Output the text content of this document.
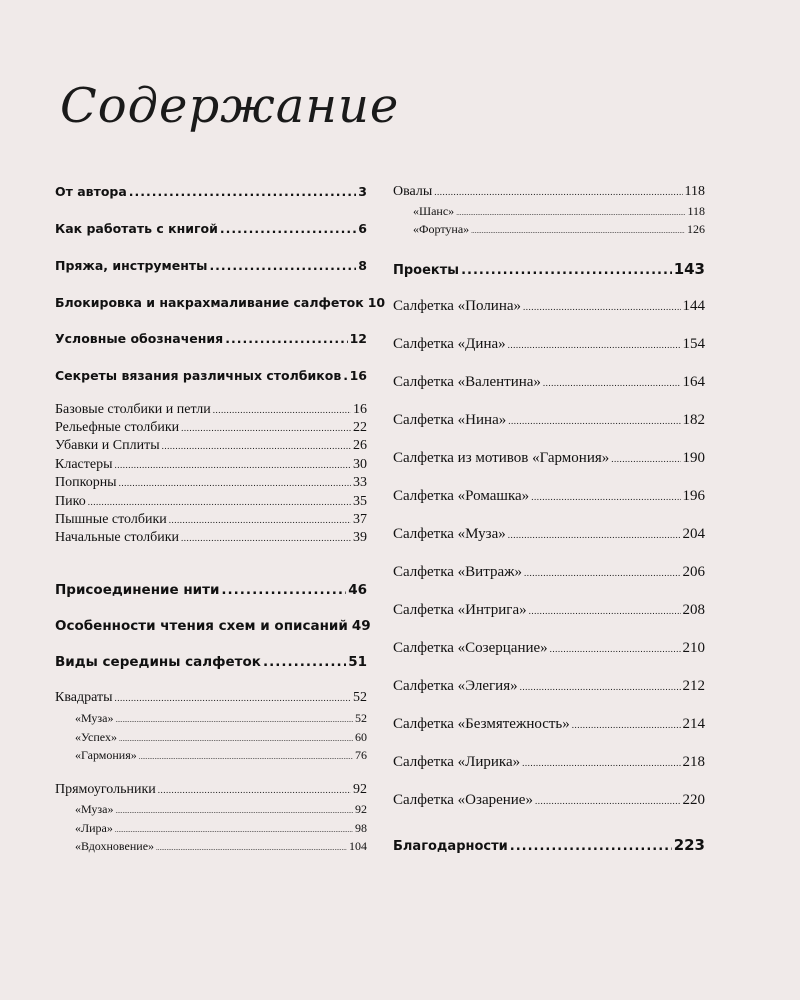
Содержание
От автора .....	3
Как работать с книгой .....	6
Пряжа, инструменты .....	8
Блокировка и накрахмаливание салфеток 10
Условные обозначения .....	12
Секреты вязания различных столбиков ..... 16
Базовые столбики и петли .....	16
Рельефные столбики .....	22
Убавки и Сплиты .....	26
Кластеры .....	30
Попкорны .....	33
Пико .....	35
Пышные столбики .....	37
Начальные столбики .....	39
Присоединение нити .....	46
Особенности чтения схем и описаний 49
Виды середины салфеток .....	51
Квадраты .....	52
«Муза» .....	52
«Успех» .....	60
«Гармония» .....	76
Прямоугольники .....	92
«Муза» .....	92
«Лира» .....	98
«Вдохновение» .....	104
Овалы .....	118
«Шанс» .....	118
«Фортуна» .....	126
Проекты .....	143
Салфетка «Полина» .....	144
Салфетка «Дина» .....	154
Салфетка «Валентина» .....	164
Салфетка «Нина» .....	182
Салфетка из мотивов «Гармония» .....	190
Салфетка «Ромашка» .....	196
Салфетка «Муза» .....	204
Салфетка «Витраж» .....	206
Салфетка «Интрига» .....	208
Салфетка «Созерцание» .....	210
Салфетка «Элегия» .....	212
Салфетка «Безмятежность» .....	214
Салфетка «Лирика» .....	218
Салфетка «Озарение» .....	220
Благодарности .....	223
